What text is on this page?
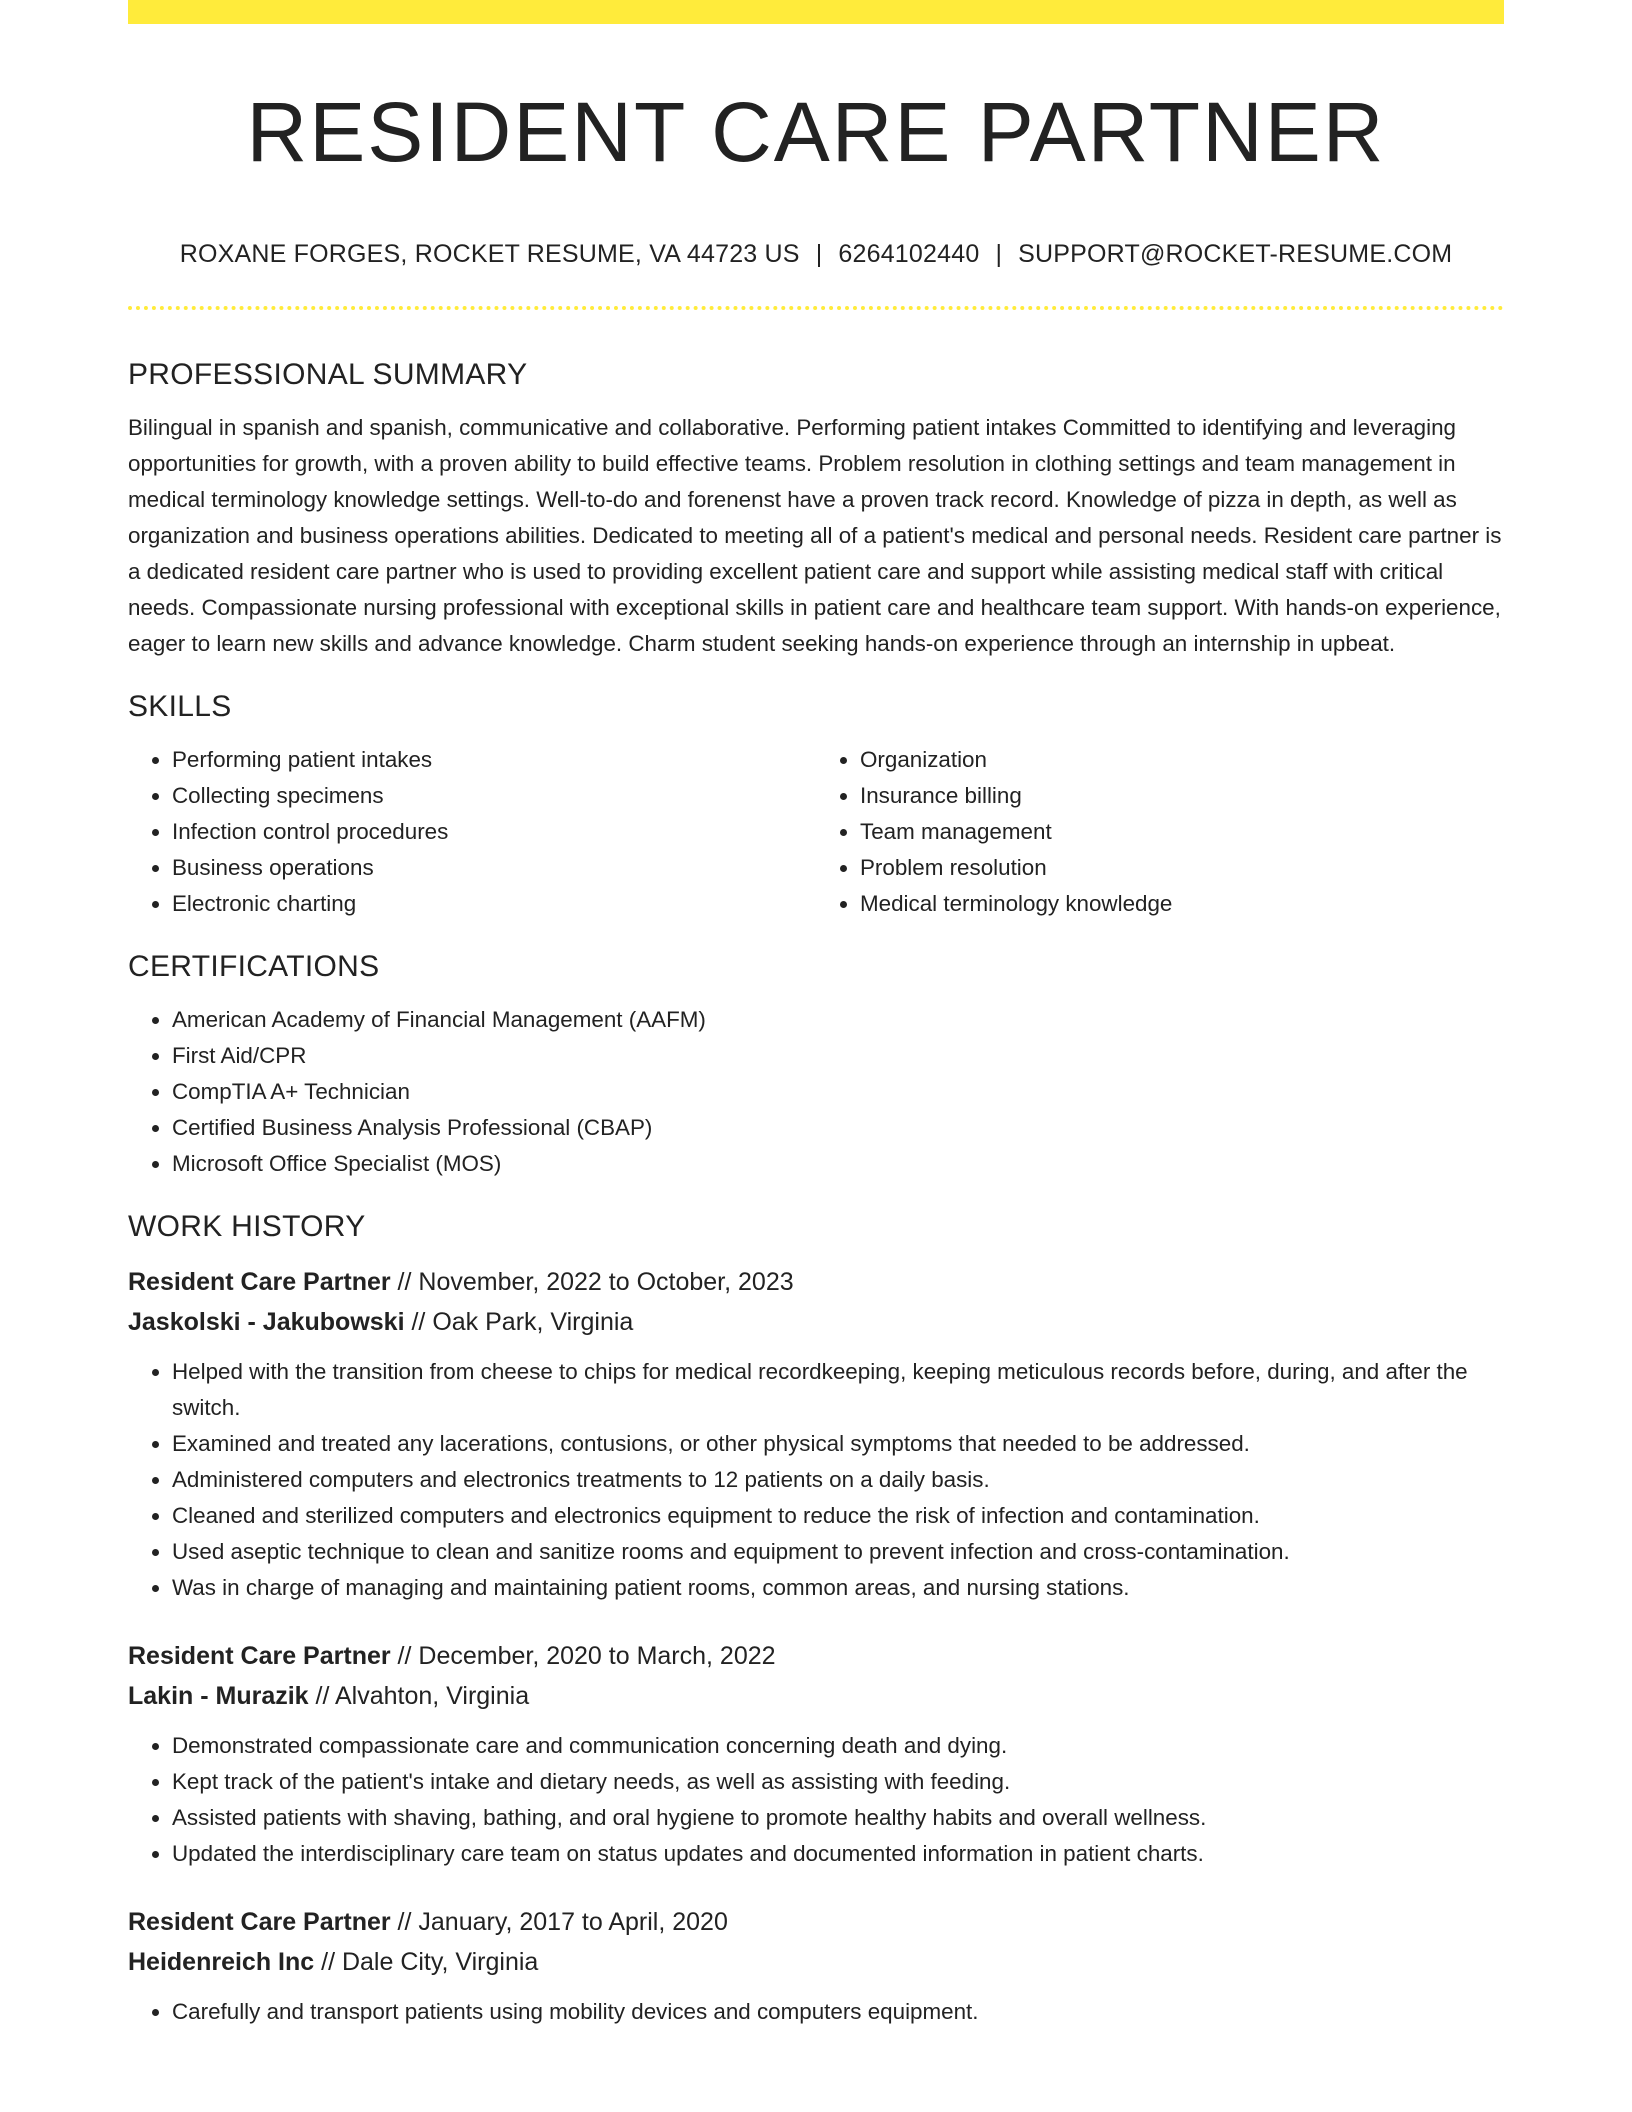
RESIDENT CARE PARTNER
ROXANE FORGES, ROCKET RESUME, VA 44723 US | 6264102440 | SUPPORT@ROCKET-RESUME.COM
PROFESSIONAL SUMMARY

Bilingual in spanish and spanish, communicative and collaborative. Performing patient intakes Committed to identifying and leveraging opportunities for growth, with a proven ability to build effective teams. Problem resolution in clothing settings and team management in medical terminology knowledge settings. Well-to-do and forenenst have a proven track record. Knowledge of pizza in depth, as well as organization and business operations abilities. Dedicated to meeting all of a patient's medical and personal needs. Resident care partner is a dedicated resident care partner who is used to providing excellent patient care and support while assisting medical staff with critical needs. Compassionate nursing professional with exceptional skills in patient care and healthcare team support. With hands-on experience, eager to learn new skills and advance knowledge. Charm student seeking hands-on experience through an internship in upbeat.

SKILLS
• Performing patient intakes
• Collecting specimens
• Infection control procedures
• Business operations
• Electronic charting
• Organization
• Insurance billing
• Team management
• Problem resolution
• Medical terminology knowledge
CERTIFICATIONS
• American Academy of Financial Management (AAFM)
• First Aid/CPR
• CompTIA A+ Technician
• Certified Business Analysis Professional (CBAP)
• Microsoft Office Specialist (MOS)
WORK HISTORY
Resident Care Partner // November, 2022 to October, 2023
Jaskolski - Jakubowski // Oak Park, Virginia
• Helped with the transition from cheese to chips for medical recordkeeping, keeping meticulous records before, during, and after the switch.
• Examined and treated any lacerations, contusions, or other physical symptoms that needed to be addressed.
• Administered computers and electronics treatments to 12 patients on a daily basis.
• Cleaned and sterilized computers and electronics equipment to reduce the risk of infection and contamination.
• Used aseptic technique to clean and sanitize rooms and equipment to prevent infection and cross-contamination.
• Was in charge of managing and maintaining patient rooms, common areas, and nursing stations.
Resident Care Partner // December, 2020 to March, 2022
Lakin - Murazik // Alvahton, Virginia
• Demonstrated compassionate care and communication concerning death and dying.
• Kept track of the patient's intake and dietary needs, as well as assisting with feeding.
• Assisted patients with shaving, bathing, and oral hygiene to promote healthy habits and overall wellness.
• Updated the interdisciplinary care team on status updates and documented information in patient charts.
Resident Care Partner // January, 2017 to April, 2020
Heidenreich Inc // Dale City, Virginia
• Carefully and transport patients using mobility devices and computers equipment.
